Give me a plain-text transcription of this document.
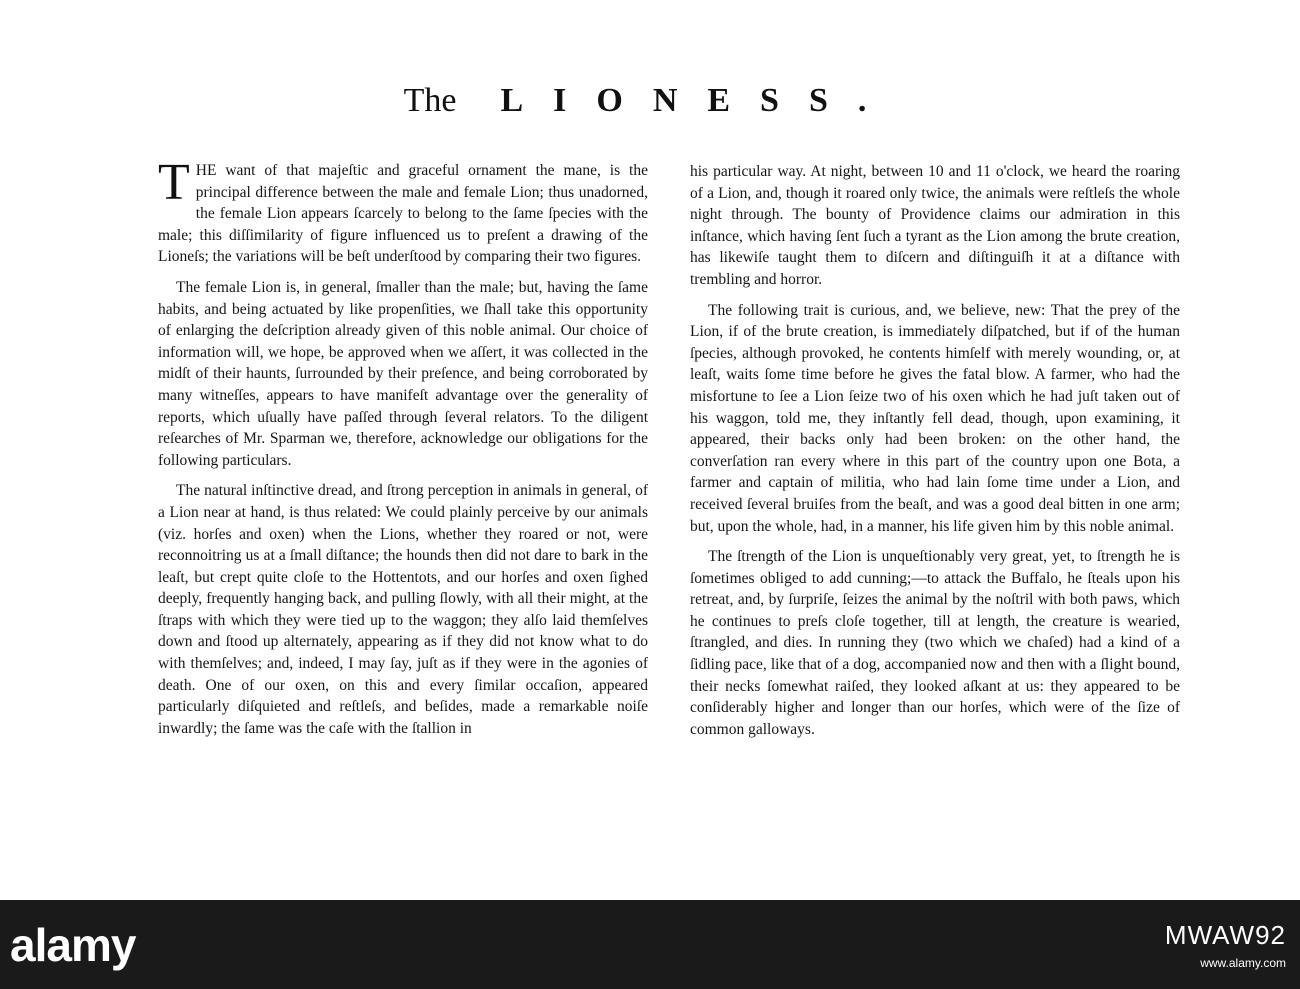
The LIONESS.

THE want of that majeſtic and graceful ornament the mane, is the principal difference between the male and female Lion; thus unadorned, the female Lion appears ſcarcely to belong to the ſame ſpecies with the male; this diſſimilarity of figure influenced us to preſent a drawing of the Lioneſs; the variations will be beſt underſtood by comparing their two figures.

The female Lion is, in general, ſmaller than the male; but, having the ſame habits, and being actuated by like propenſities, we ſhall take this opportunity of enlarging the deſcription already given of this noble animal. Our choice of information will, we hope, be approved when we aſſert, it was collected in the midſt of their haunts, ſurrounded by their preſence, and being corroborated by many witneſſes, appears to have manifeſt advantage over the generality of reports, which uſually have paſſed through ſeveral relators. To the diligent reſearches of Mr. Sparman we, therefore, acknowledge our obligations for the following particulars.

The natural inſtinctive dread, and ſtrong perception in animals in general, of a Lion near at hand, is thus related: We could plainly perceive by our animals (viz. horſes and oxen) when the Lions, whether they roared or not, were reconnoitring us at a ſmall diſtance; the hounds then did not dare to bark in the leaſt, but crept quite cloſe to the Hottentots, and our horſes and oxen ſighed deeply, frequently hanging back, and pulling ſlowly, with all their might, at the ſtraps with which they were tied up to the waggon; they alſo laid themſelves down and ſtood up alternately, appearing as if they did not know what to do with themſelves; and, indeed, I may ſay, juſt as if they were in the agonies of death. One of our oxen, on this and every ſimilar occaſion, appeared particularly diſquieted and reſtleſs, and beſides, made a remarkable noiſe inwardly; the ſame was the caſe with the ſtallion in

his particular way. At night, between 10 and 11 o'clock, we heard the roaring of a Lion, and, though it roared only twice, the animals were reſtleſs the whole night through. The bounty of Providence claims our admiration in this inſtance, which having ſent ſuch a tyrant as the Lion among the brute creation, has likewiſe taught them to diſcern and diſtinguiſh it at a diſtance with trembling and horror.

The following trait is curious, and, we believe, new: That the prey of the Lion, if of the brute creation, is immediately diſpatched, but if of the human ſpecies, although provoked, he contents himſelf with merely wounding, or, at leaſt, waits ſome time before he gives the fatal blow. A farmer, who had the misfortune to ſee a Lion ſeize two of his oxen which he had juſt taken out of his waggon, told me, they inſtantly fell dead, though, upon examining, it appeared, their backs only had been broken: on the other hand, the converſation ran every where in this part of the country upon one Bota, a farmer and captain of militia, who had lain ſome time under a Lion, and received ſeveral bruiſes from the beaſt, and was a good deal bitten in one arm; but, upon the whole, had, in a manner, his life given him by this noble animal.

The ſtrength of the Lion is unqueſtionably very great, yet, to ſtrength he is ſometimes obliged to add cunning;—to attack the Buffalo, he ſteals upon his retreat, and, by ſurpriſe, ſeizes the animal by the noſtril with both paws, which he continues to preſs cloſe together, till at length, the creature is wearied, ſtrangled, and dies. In running they (two which we chaſed) had a kind of a ſidling pace, like that of a dog, accompanied now and then with a ſlight bound, their necks ſomewhat raiſed, they looked aſkant at us: they appeared to be conſiderably higher and longer than our horſes, which were of the ſize of common galloways.

alamy	MWAW92
www.alamy.com
